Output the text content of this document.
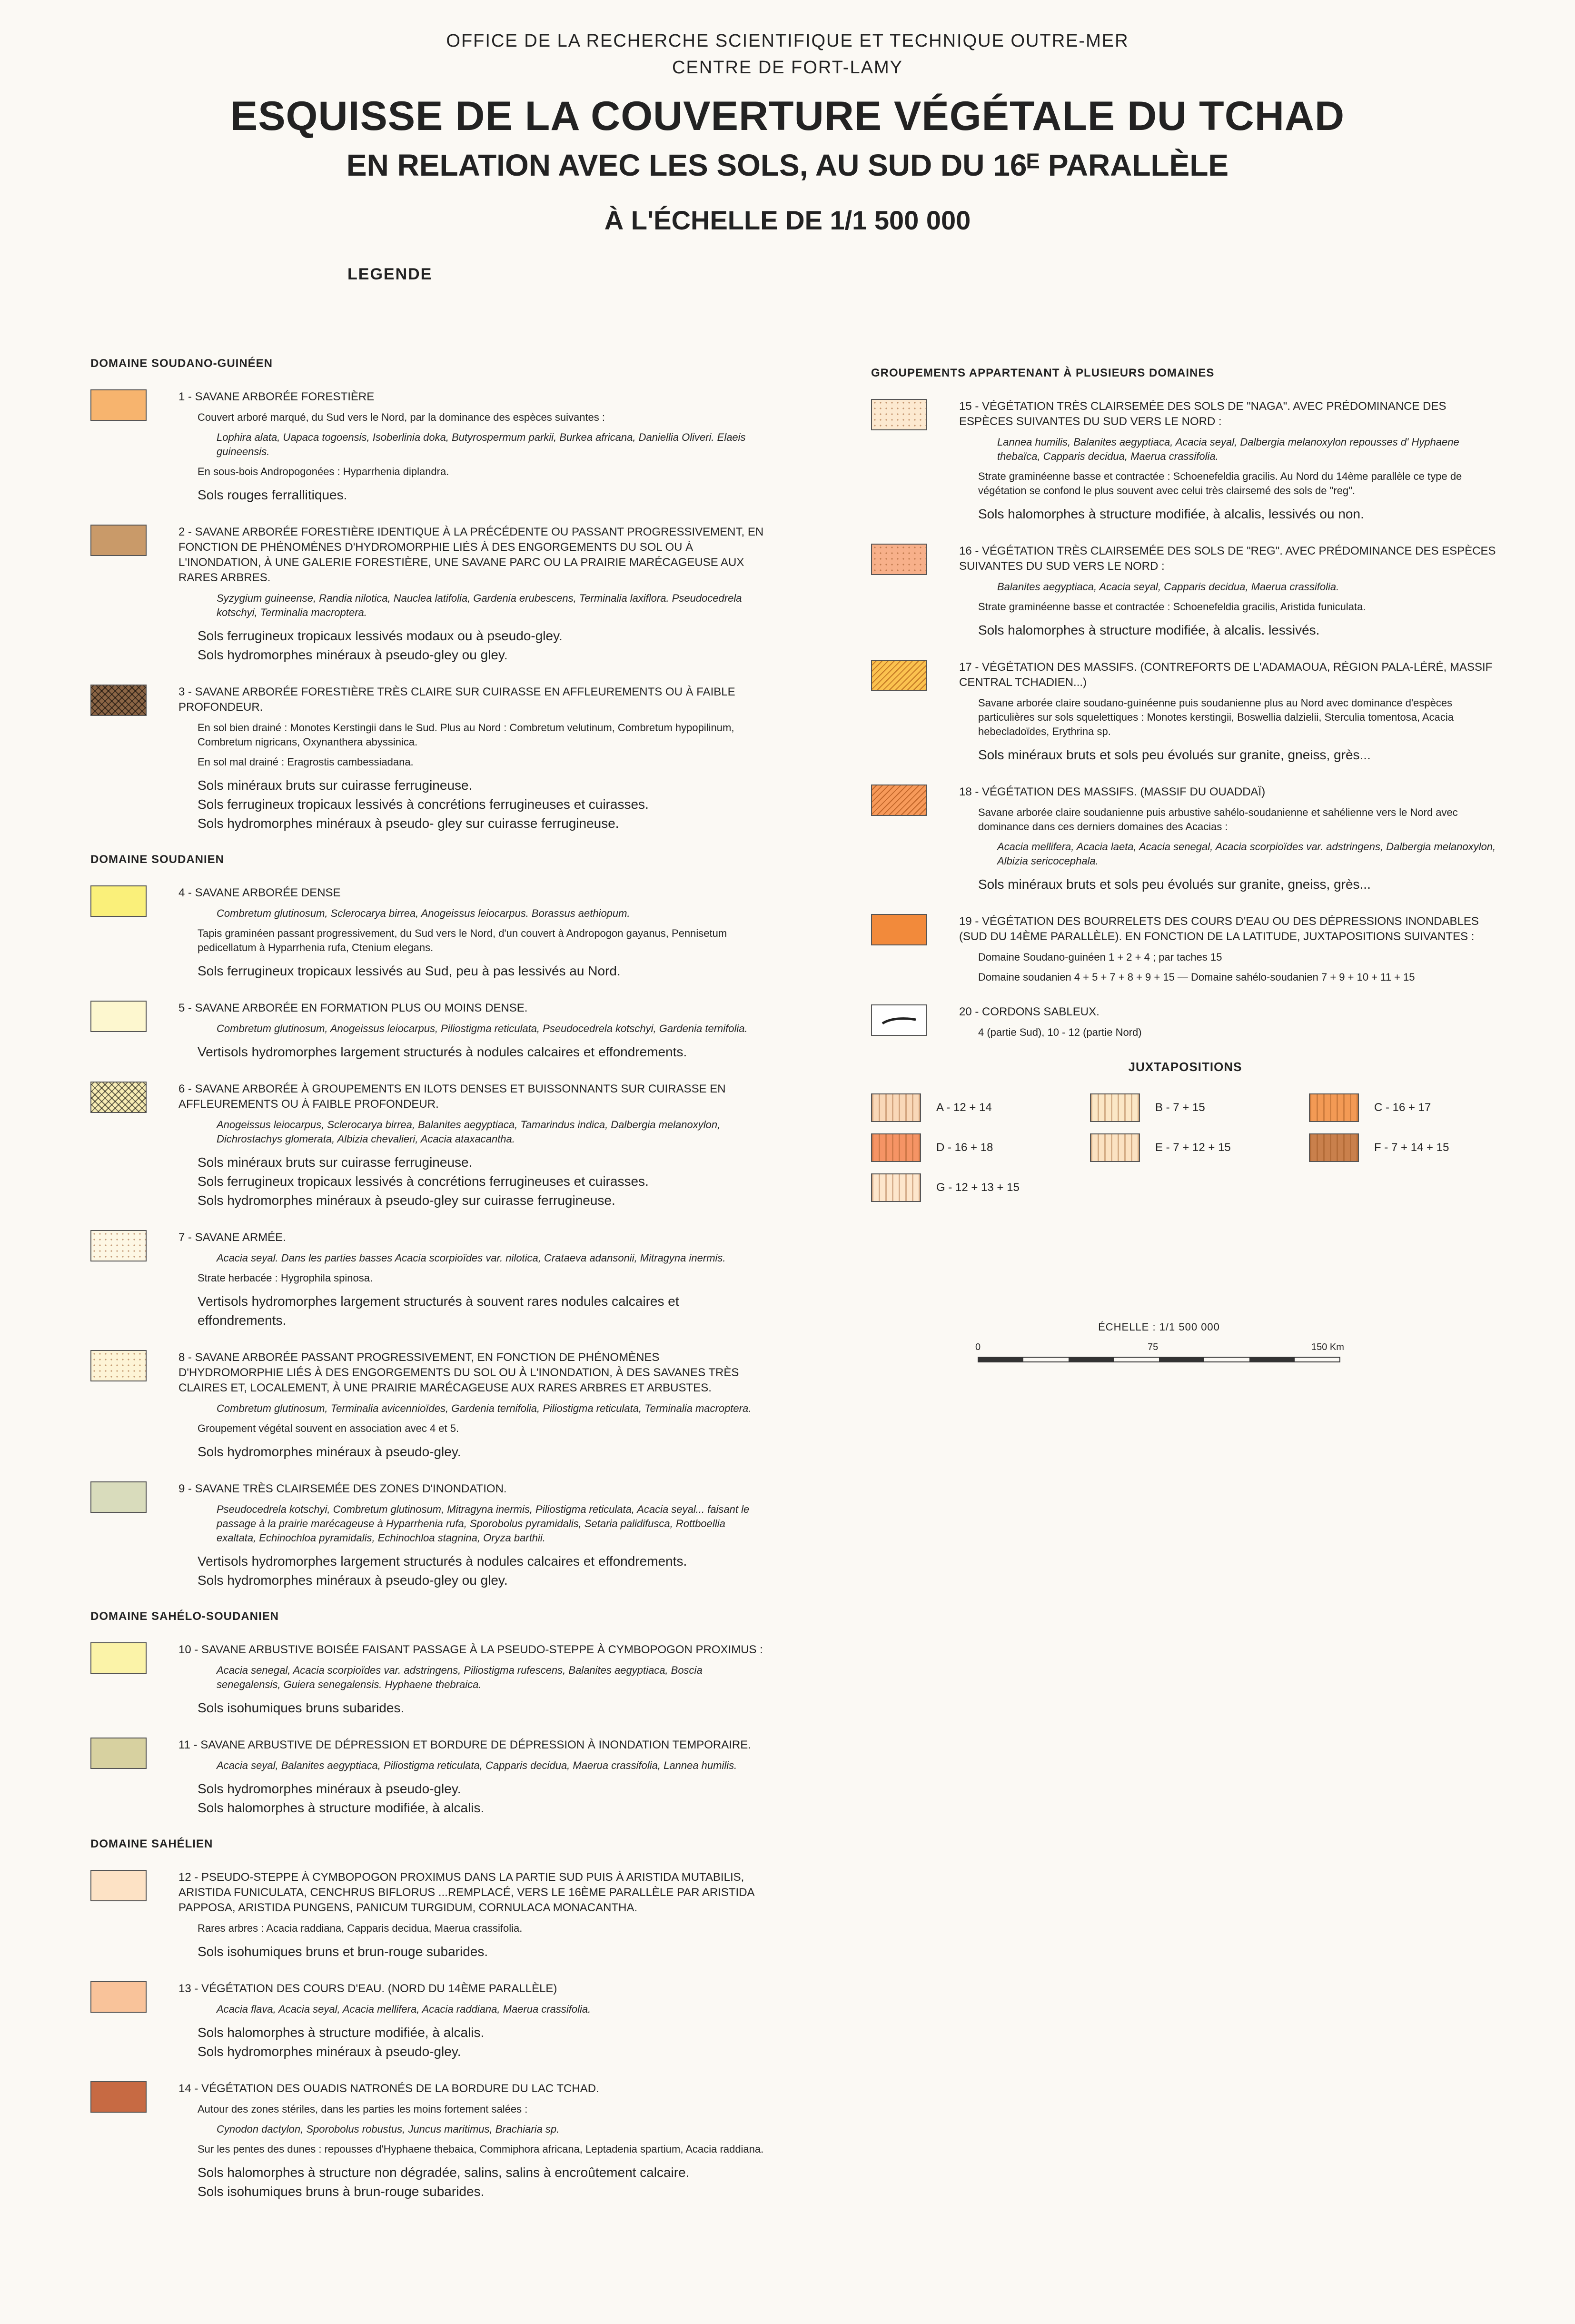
OFFICE DE LA RECHERCHE SCIENTIFIQUE ET TECHNIQUE OUTRE-MER
CENTRE DE FORT-LAMY
ESQUISSE DE LA COUVERTURE VÉGÉTALE DU TCHAD
EN RELATION AVEC LES SOLS, AU SUD DU 16ᴱ PARALLÈLE
À L'ÉCHELLE DE 1/1 500 000
LEGENDE
DOMAINE SOUDANO-GUINÉEN
1 - SAVANE ARBORÉE FORESTIÈRE
Couvert arboré marqué, du Sud vers le Nord, par la dominance des espèces suivantes :
Lophira alata, Uapaca togoensis, Isoberlinia doka, Butyrospermum parkii, Burkea africana, Daniellia Oliveri. Elaeis guineensis.
En sous-bois Andropogonées : Hyparrhenia diplandra.
Sols rouges ferrallitiques.
2 - SAVANE ARBORÉE FORESTIÈRE IDENTIQUE À LA PRÉCÉDENTE OU PASSANT PROGRESSIVEMENT, EN FONCTION DE PHÉNOMÈNES D'HYDROMORPHIE LIÉS À DES ENGORGEMENTS DU SOL OU À L'INONDATION, À UNE GALERIE FORESTIÈRE, UNE SAVANE PARC OU LA PRAIRIE MARÉCAGEUSE AUX RARES ARBRES.
Syzygium guineense, Randia nilotica, Nauclea latifolia, Gardenia erubescens, Terminalia laxiflora. Pseudocedrela kotschyi, Terminalia macroptera.
Sols ferrugineux tropicaux lessivés modaux ou à pseudo-gley.
Sols hydromorphes minéraux à pseudo-gley ou gley.
3 - SAVANE ARBORÉE FORESTIÈRE TRÈS CLAIRE SUR CUIRASSE EN AFFLEUREMENTS OU À FAIBLE PROFONDEUR.
En sol bien drainé : Monotes Kerstingii dans le Sud. Plus au Nord : Combretum velutinum, Combretum hypopilinum, Combretum nigricans, Oxynanthera abyssinica.
En sol mal drainé : Eragrostis cambessiadana.
Sols minéraux bruts sur cuirasse ferrugineuse.
Sols ferrugineux tropicaux lessivés à concrétions ferrugineuses et cuirasses.
Sols hydromorphes minéraux à pseudo- gley sur cuirasse ferrugineuse.
DOMAINE SOUDANIEN
4 - SAVANE ARBORÉE DENSE
Combretum glutinosum, Sclerocarya birrea, Anogeissus leiocarpus. Borassus aethiopum.
Tapis graminéen passant progressivement, du Sud vers le Nord, d'un couvert à Andropogon gayanus, Pennisetum pedicellatum à Hyparrhenia rufa, Ctenium elegans.
Sols ferrugineux tropicaux lessivés au Sud, peu à pas lessivés au Nord.
5 - SAVANE ARBORÉE EN FORMATION PLUS OU MOINS DENSE.
Combretum glutinosum, Anogeissus leiocarpus, Piliostigma reticulata, Pseudocedrela kotschyi, Gardenia ternifolia.
Vertisols hydromorphes largement structurés à nodules calcaires et effondrements.
6 - SAVANE ARBORÉE À GROUPEMENTS EN ILOTS DENSES ET BUISSONNANTS SUR CUIRASSE EN AFFLEUREMENTS OU À FAIBLE PROFONDEUR.
Anogeissus leiocarpus, Sclerocarya birrea, Balanites aegyptiaca, Tamarindus indica, Dalbergia melanoxylon, Dichrostachys glomerata, Albizia chevalieri, Acacia ataxacantha.
Sols minéraux bruts sur cuirasse ferrugineuse.
Sols ferrugineux tropicaux lessivés à concrétions ferrugineuses et cuirasses.
Sols hydromorphes minéraux à pseudo-gley sur cuirasse ferrugineuse.
7 - SAVANE ARMÉE.
Acacia seyal. Dans les parties basses Acacia scorpioïdes var. nilotica, Crataeva adansonii, Mitragyna inermis.
Strate herbacée : Hygrophila spinosa.
Vertisols hydromorphes largement structurés à souvent rares nodules calcaires et effondrements.
8 - SAVANE ARBORÉE PASSANT PROGRESSIVEMENT, EN FONCTION DE PHÉNOMÈNES D'HYDROMORPHIE LIÉS À DES ENGORGEMENTS DU SOL OU À L'INONDATION, À DES SAVANES TRÈS CLAIRES ET, LOCALEMENT, À UNE PRAIRIE MARÉCAGEUSE AUX RARES ARBRES ET ARBUSTES.
Combretum glutinosum, Terminalia avicennioïdes, Gardenia ternifolia, Piliostigma reticulata, Terminalia macroptera.
Groupement végétal souvent en association avec 4 et 5.
Sols hydromorphes minéraux à pseudo-gley.
9 - SAVANE TRÈS CLAIRSEMÉE DES ZONES D'INONDATION.
Pseudocedrela kotschyi, Combretum glutinosum, Mitragyna inermis, Piliostigma reticulata, Acacia seyal... faisant le passage à la prairie marécageuse à Hyparrhenia rufa, Sporobolus pyramidalis, Setaria palidifusca, Rottboellia exaltata, Echinochloa pyramidalis, Echinochloa stagnina, Oryza barthii.
Vertisols hydromorphes largement structurés à nodules calcaires et effondrements.
Sols hydromorphes minéraux à pseudo-gley ou gley.
DOMAINE SAHÉLO-SOUDANIEN
10 - SAVANE ARBUSTIVE BOISÉE FAISANT PASSAGE À LA PSEUDO-STEPPE À CYMBOPOGON PROXIMUS :
Acacia senegal, Acacia scorpioïdes var. adstringens, Piliostigma rufescens, Balanites aegyptiaca, Boscia senegalensis, Guiera senegalensis. Hyphaene thebraica.
Sols isohumiques bruns subarides.
11 - SAVANE ARBUSTIVE DE DÉPRESSION ET BORDURE DE DÉPRESSION À INONDATION TEMPORAIRE.
Acacia seyal, Balanites aegyptiaca, Piliostigma reticulata, Capparis decidua, Maerua crassifolia, Lannea humilis.
Sols hydromorphes minéraux à pseudo-gley.
Sols halomorphes à structure modifiée, à alcalis.
DOMAINE SAHÉLIEN
12 - PSEUDO-STEPPE À CYMBOPOGON PROXIMUS DANS LA PARTIE SUD PUIS À ARISTIDA MUTABILIS, ARISTIDA FUNICULATA, CENCHRUS BIFLORUS ...REMPLACÉ, VERS LE 16ÈME PARALLÈLE PAR ARISTIDA PAPPOSA, ARISTIDA PUNGENS, PANICUM TURGIDUM, CORNULACA MONACANTHA.
Rares arbres : Acacia raddiana, Capparis decidua, Maerua crassifolia.
Sols isohumiques bruns et brun-rouge subarides.
13 - VÉGÉTATION DES COURS D'EAU. (NORD DU 14ÈME PARALLÈLE)
Acacia flava, Acacia seyal, Acacia mellifera, Acacia raddiana, Maerua crassifolia.
Sols halomorphes à structure modifiée, à alcalis.
Sols hydromorphes minéraux à pseudo-gley.
14 - VÉGÉTATION DES OUADIS NATRONÉS DE LA BORDURE DU LAC TCHAD.
Autour des zones stériles, dans les parties les moins fortement salées :
Cynodon dactylon, Sporobolus robustus, Juncus maritimus, Brachiaria sp.
Sur les pentes des dunes : repousses d'Hyphaene thebaica, Commiphora africana, Leptadenia spartium, Acacia raddiana.
Sols halomorphes à structure non dégradée, salins, salins à encroûtement calcaire.
Sols isohumiques bruns à brun-rouge subarides.
GROUPEMENTS APPARTENANT À PLUSIEURS DOMAINES
15 - VÉGÉTATION TRÈS CLAIRSEMÉE DES SOLS DE "NAGA". AVEC PRÉDOMINANCE DES ESPÈCES SUIVANTES DU SUD VERS LE NORD :
Lannea humilis, Balanites aegyptiaca, Acacia seyal, Dalbergia melanoxylon repousses d' Hyphaene thebaïca, Capparis decidua, Maerua crassifolia.
Strate graminéenne basse et contractée : Schoenefeldia gracilis. Au Nord du 14ème parallèle ce type de végétation se confond le plus souvent avec celui très clairsemé des sols de "reg".
Sols halomorphes à structure modifiée, à alcalis, lessivés ou non.
16 - VÉGÉTATION TRÈS CLAIRSEMÉE DES SOLS DE "REG". AVEC PRÉDOMINANCE DES ESPÈCES SUIVANTES DU SUD VERS LE NORD :
Balanites aegyptiaca, Acacia seyal, Capparis decidua, Maerua crassifolia.
Strate graminéenne basse et contractée : Schoenefeldia gracilis, Aristida funiculata.
Sols halomorphes à structure modifiée, à alcalis. lessivés.
17 - VÉGÉTATION DES MASSIFS. (CONTREFORTS DE L'ADAMAOUA, RÉGION PALA-LÉRÉ, MASSIF CENTRAL TCHADIEN...)
Savane arborée claire soudano-guinéenne puis soudanienne plus au Nord avec dominance d'espèces particulières sur sols squelettiques : Monotes kerstingii, Boswellia dalzielii, Sterculia tomentosa, Acacia hebecladoïdes, Erythrina sp.
Sols minéraux bruts et sols peu évolués sur granite, gneiss, grès...
18 - VÉGÉTATION DES MASSIFS. (MASSIF DU OUADDAÏ)
Savane arborée claire soudanienne puis arbustive sahélo-soudanienne et sahélienne vers le Nord avec dominance dans ces derniers domaines des Acacias :
Acacia mellifera, Acacia laeta, Acacia senegal, Acacia scorpioïdes var. adstringens, Dalbergia melanoxylon, Albizia sericocephala.
Sols minéraux bruts et sols peu évolués sur granite, gneiss, grès...
19 - VÉGÉTATION DES BOURRELETS DES COURS D'EAU OU DES DÉPRESSIONS INONDABLES (SUD DU 14ÈME PARALLÈLE). EN FONCTION DE LA LATITUDE, JUXTAPOSITIONS SUIVANTES :
Domaine Soudano-guinéen 1 + 2 + 4 ; par taches 15
Domaine soudanien 4 + 5 + 7 + 8 + 9 + 15 — Domaine sahélo-soudanien 7 + 9 + 10 + 11 + 15
20 - CORDONS SABLEUX.
4 (partie Sud), 10 - 12 (partie Nord)
JUXTAPOSITIONS
A - 12 + 14	B - 7 + 15	C - 16 + 17
D - 16 + 18	E - 7 + 12 + 15	F - 7 + 14 + 15
G - 12 + 13 + 15
ÉCHELLE : 1/1 500 000
0	75	150 Km
